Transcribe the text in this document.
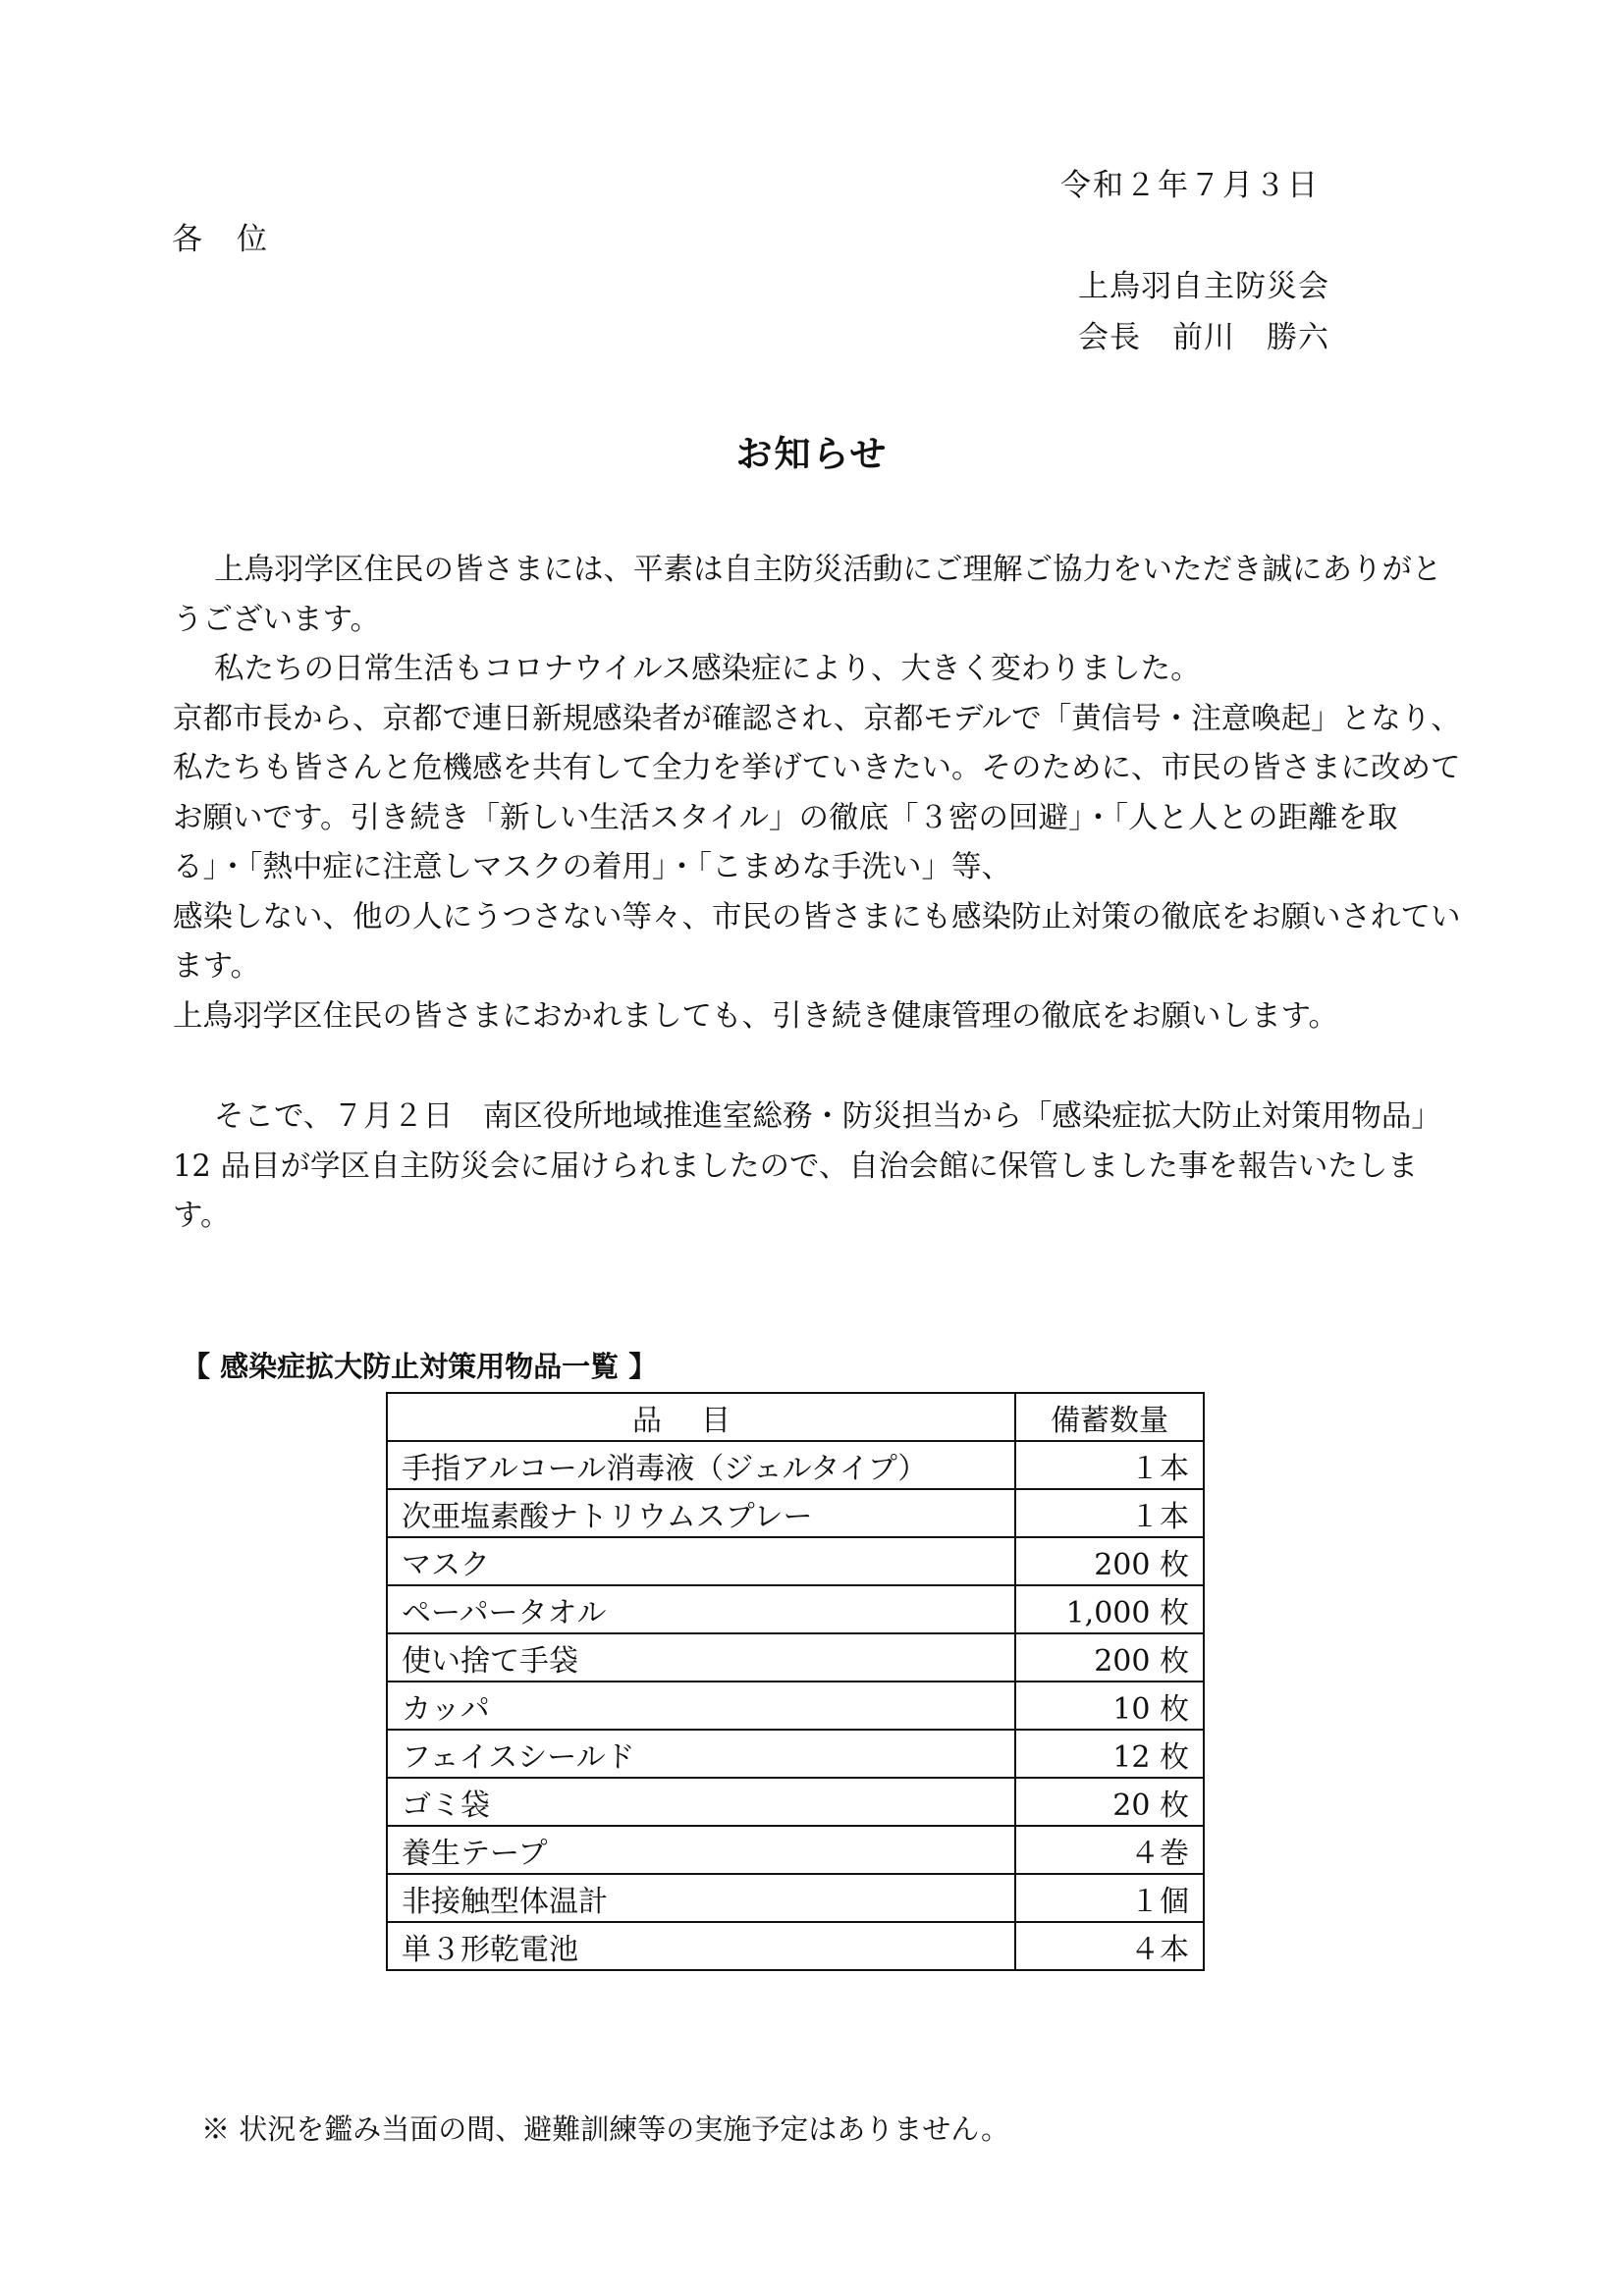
令和２年７月３日
各　位
上鳥羽自主防災会
会長　前川　勝六
お知らせ

上鳥羽学区住民の皆さまには、平素は自主防災活動にご理解ご協力をいただき誠にありがとうございます。

私たちの日常生活もコロナウイルス感染症により、大きく変わりました。

京都市長から、京都で連日新規感染者が確認され、京都モデルで「黄信号・注意喚起」となり、私たちも皆さんと危機感を共有して全力を挙げていきたい。そのために、市民の皆さまに改めてお願いです。引き続き「新しい生活スタイル」の徹底「３密の回避」・「人と人との距離を取る」・「熱中症に注意しマスクの着用」・「こまめな手洗い」等、

感染しない、他の人にうつさない等々、市民の皆さまにも感染防止対策の徹底をお願いされています。

上鳥羽学区住民の皆さまにおかれましても、引き続き健康管理の徹底をお願いします。

そこで、７月２日　南区役所地域推進室総務・防災担当から「感染症拡大防止対策用物品」12 品目が学区自主防災会に届けられましたので、自治会館に保管しました事を報告いたします。

【 感染症拡大防止対策用物品一覧 】
品目	備蓄数量
手指アルコール消毒液（ジェルタイプ）	１本
次亜塩素酸ナトリウムスプレー	１本
マスク	200 枚
ペーパータオル	1,000 枚
使い捨て手袋	200 枚
カッパ	10 枚
フェイスシールド	12 枚
ゴミ袋	20 枚
養生テープ	４巻
非接触型体温計	１個
単３形乾電池	４本
※ 状況を鑑み当面の間、避難訓練等の実施予定はありません。
